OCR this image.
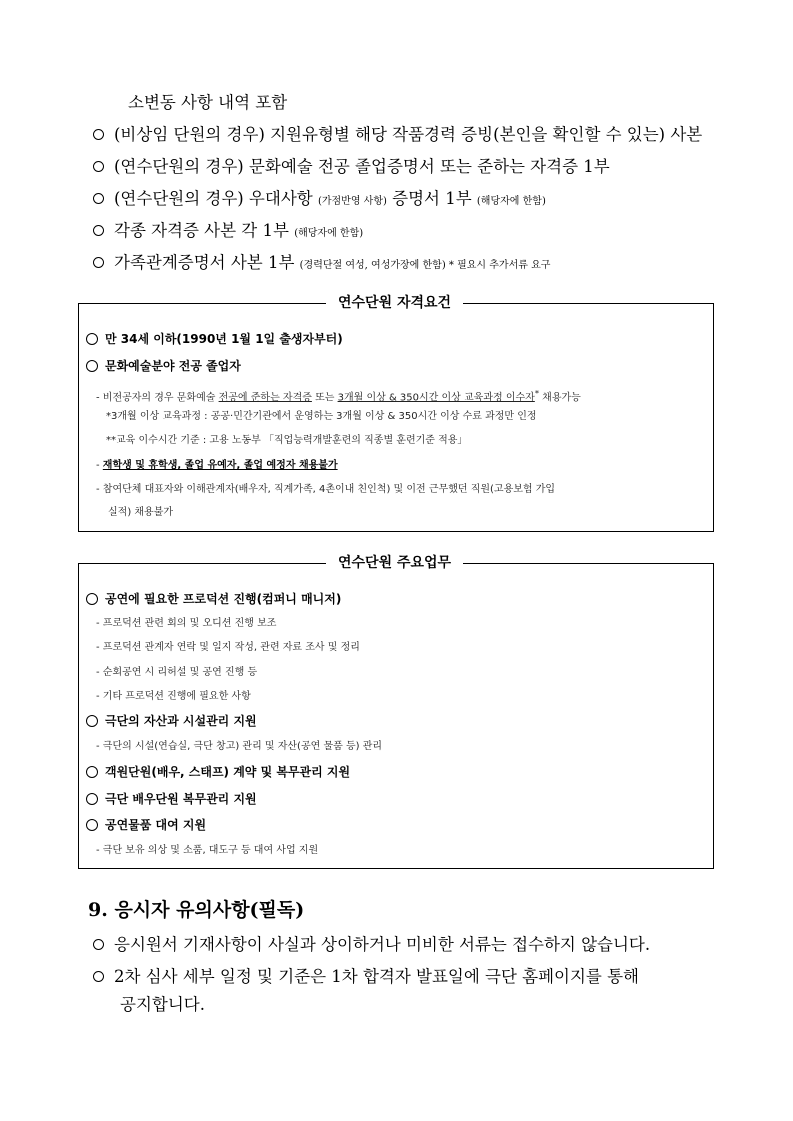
소변동 사항 내역 포함
(비상임 단원의 경우) 지원유형별 해당 작품경력 증빙(본인을 확인할 수 있는) 사본
(연수단원의 경우) 문화예술 전공 졸업증명서 또는 준하는 자격증 1부
(연수단원의 경우) 우대사항 (가점반영 사항) 증명서 1부 (해당자에 한함)
각종 자격증 사본 각 1부 (해당자에 한함)
가족관계증명서 사본 1부 (경력단절 여성, 여성가장에 한함) * 필요시 추가서류 요구
연수단원 자격요건
만 34세 이하(1990년 1월 1일 출생자부터)
문화예술분야 전공 졸업자
- 비전공자의 경우 문화예술 전공에 준하는 자격증 또는 3개월 이상 & 350시간 이상 교육과정 이수자* 채용가능
*3개월 이상 교육과정 : 공공·민간기관에서 운영하는 3개월 이상 & 350시간 이상 수료 과정만 인정
**교육 이수시간 기준 : 고용 노동부 「직업능력개발훈련의 직종별 훈련기준 적용」
- 재학생 및 휴학생, 졸업 유예자, 졸업 예정자 채용불가
- 참여단체 대표자와 이해관계자(배우자, 직계가족, 4촌이내 친인척) 및 이전 근무했던 직원(고용보험 가입
실적) 채용불가
연수단원 주요업무
공연에 필요한 프로덕션 진행(컴퍼니 매니저)
- 프로덕션 관련 회의 및 오디션 진행 보조
- 프로덕션 관계자 연락 및 일지 작성, 관련 자료 조사 및 정리
- 순회공연 시 리허설 및 공연 진행 등
- 기타 프로덕션 진행에 필요한 사항
극단의 자산과 시설관리 지원
- 극단의 시설(연습실, 극단 창고) 관리 및 자산(공연 물품 등) 관리
객원단원(배우, 스태프) 계약 및 복무관리 지원
극단 배우단원 복무관리 지원
공연물품 대여 지원
- 극단 보유 의상 및 소품, 대도구 등 대여 사업 지원
9. 응시자 유의사항(필독)
응시원서 기재사항이 사실과 상이하거나 미비한 서류는 접수하지 않습니다.
2차 심사 세부 일정 및 기준은 1차 합격자 발표일에 극단 홈페이지를 통해
공지합니다.
